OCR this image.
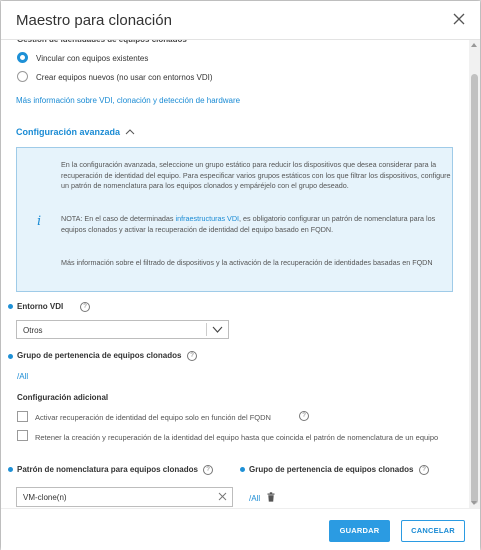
Maestro para clonación
Vincular con equipos existentes
Crear equipos nuevos (no usar con entornos VDI)
Más información sobre VDI, clonación y detección de hardware
Configuración avanzada
i
En la configuración avanzada, seleccione un grupo estático para reducir los dispositivos que desea considerar para la recuperación de identidad del equipo. Para especificar varios grupos estáticos con los que filtrar los dispositivos, configure un patrón de nomenclatura para los equipos clonados y empáréjelo con el grupo deseado.
NOTA: En el caso de determinadas infraestructuras VDI, es obligatorio configurar un patrón de nomenclatura para los equipos clonados y activar la recuperación de identidad del equipo basado en FQDN.
Más información sobre el filtrado de dispositivos y la activación de la recuperación de identidades basadas en FQDN
Entorno VDI	?
Otros
Grupo de pertenencia de equipos clonados	?
/All
Configuración adicional
Activar recuperación de identidad del equipo solo en función del FQDN	?
Retener la creación y recuperación de la identidad del equipo hasta que coincida el patrón de nomenclatura de un equipo
Patrón de nomenclatura para equipos clonados	?	Grupo de pertenencia de equipos clonados	?
VM-clone(n)	/All
GUARDAR	CANCELAR
